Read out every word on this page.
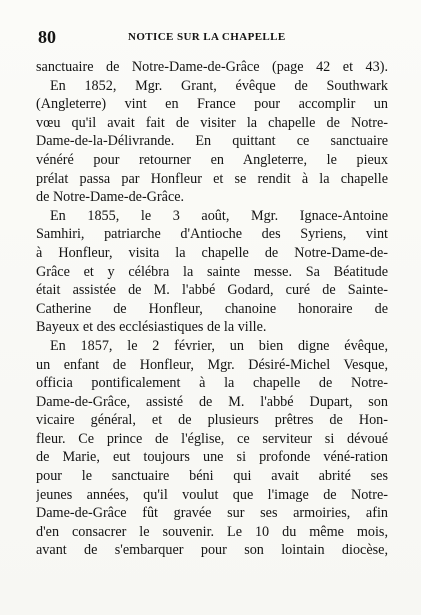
80	NOTICE SUR LA CHAPELLE
sanctuaire de Notre-Dame-de-Grâce (page 42 et 43).
En 1852, Mgr. Grant, évêque de Southwark
(Angleterre) vint en France pour accomplir un
vœu qu'il avait fait de visiter la chapelle de Notre-
Dame-de-la-Délivrande. En quittant ce sanctuaire
vénéré pour retourner en Angleterre, le pieux
prélat passa par Honfleur et se rendit à la chapelle
de Notre-Dame-de-Grâce.
En 1855, le 3 août, Mgr. Ignace-Antoine
Samhiri, patriarche d'Antioche des Syriens, vint
à Honfleur, visita la chapelle de Notre-Dame-de-
Grâce et y célébra la sainte messe. Sa Béatitude
était assistée de M. l'abbé Godard, curé de Sainte-
Catherine de Honfleur, chanoine honoraire de
Bayeux et des ecclésiastiques de la ville.
En 1857, le 2 février, un bien digne évêque,
un enfant de Honfleur, Mgr. Désiré-Michel Vesque,
officia pontificalement à la chapelle de Notre-
Dame-de-Grâce, assisté de M. l'abbé Dupart, son
vicaire général, et de plusieurs prêtres de Hon-
fleur. Ce prince de l'église, ce serviteur si dévoué
de Marie, eut toujours une si profonde véné-ration
pour le sanctuaire béni qui avait abrité ses
jeunes années, qu'il voulut que l'image de Notre-
Dame-de-Grâce fût gravée sur ses armoiries, afin
d'en consacrer le souvenir. Le 10 du même mois,
avant de s'embarquer pour son lointain diocèse,
